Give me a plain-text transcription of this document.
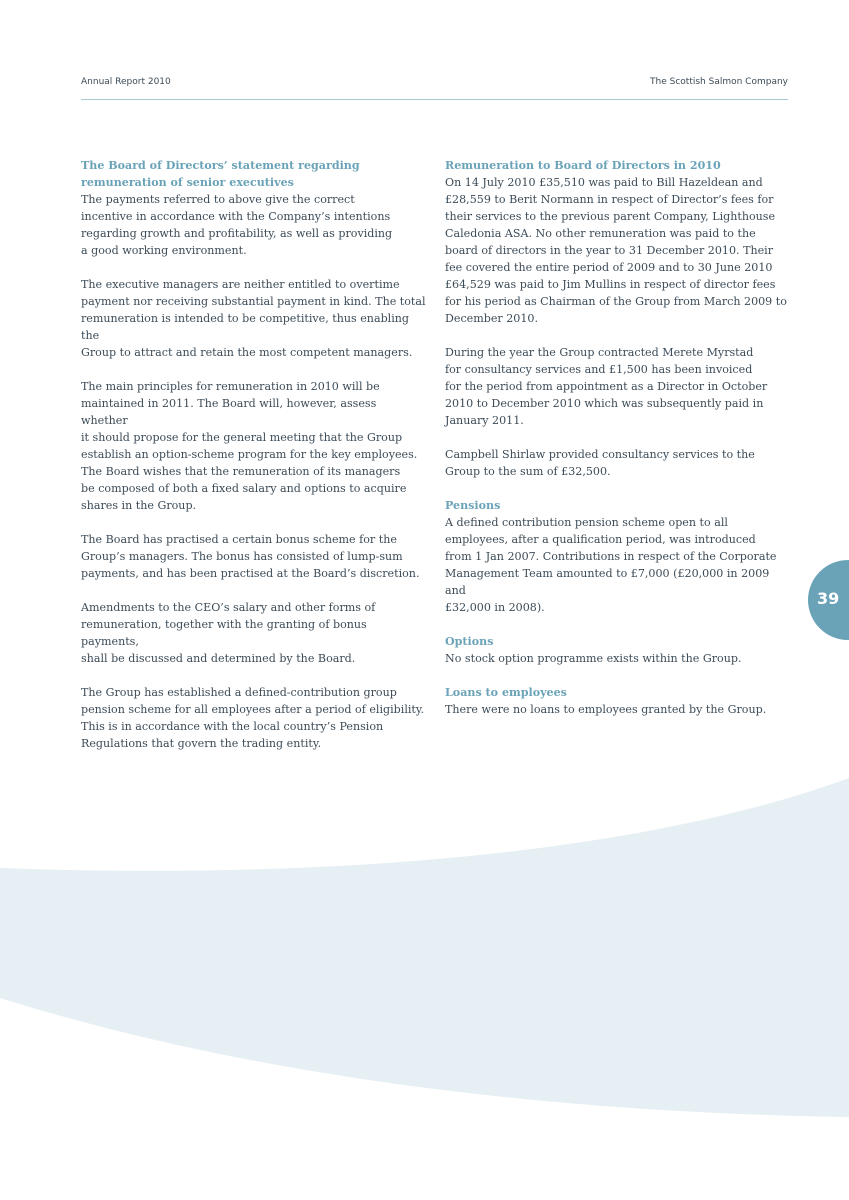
Annual Report 2010	The Scottish Salmon Company
The Board of Directors’ statement regarding
remuneration of senior executives
The payments referred to above give the correct
incentive in accordance with the Company’s intentions
regarding growth and profitability, as well as providing
a good working environment.
The executive managers are neither entitled to overtime
payment nor receiving substantial payment in kind. The total
remuneration is intended to be competitive, thus enabling the
Group to attract and retain the most competent managers.
The main principles for remuneration in 2010 will be
maintained in 2011. The Board will, however, assess whether
it should propose for the general meeting that the Group
establish an option-scheme program for the key employees.
The Board wishes that the remuneration of its managers
be composed of both a fixed salary and options to acquire
shares in the Group.
The Board has practised a certain bonus scheme for the
Group’s managers. The bonus has consisted of lump-sum
payments, and has been practised at the Board’s discretion.
Amendments to the CEO’s salary and other forms of
remuneration, together with the granting of bonus payments,
shall be discussed and determined by the Board.
The Group has established a defined-contribution group
pension scheme for all employees after a period of eligibility.
This is in accordance with the local country’s Pension
Regulations that govern the trading entity.
Remuneration to Board of Directors in 2010
On 14 July 2010 £35,510 was paid to Bill Hazeldean and
£28,559 to Berit Normann in respect of Director’s fees for
their services to the previous parent Company, Lighthouse
Caledonia ASA. No other remuneration was paid to the
board of directors in the year to 31 December 2010. Their
fee covered the entire period of 2009 and to 30 June 2010
£64,529 was paid to Jim Mullins in respect of director fees
for his period as Chairman of the Group from March 2009 to
December 2010.
During the year the Group contracted Merete Myrstad
for consultancy services and £1,500 has been invoiced
for the period from appointment as a Director in October
2010 to December 2010 which was subsequently paid in
January 2011.
Campbell Shirlaw provided consultancy services to the
Group to the sum of £32,500.
Pensions
A defined contribution pension scheme open to all
employees, after a qualification period, was introduced
from 1 Jan 2007. Contributions in respect of the Corporate
Management Team amounted to £7,000 (£20,000 in 2009 and
£32,000 in 2008).
Options
No stock option programme exists within the Group.
Loans to employees
There were no loans to employees granted by the Group.
39
